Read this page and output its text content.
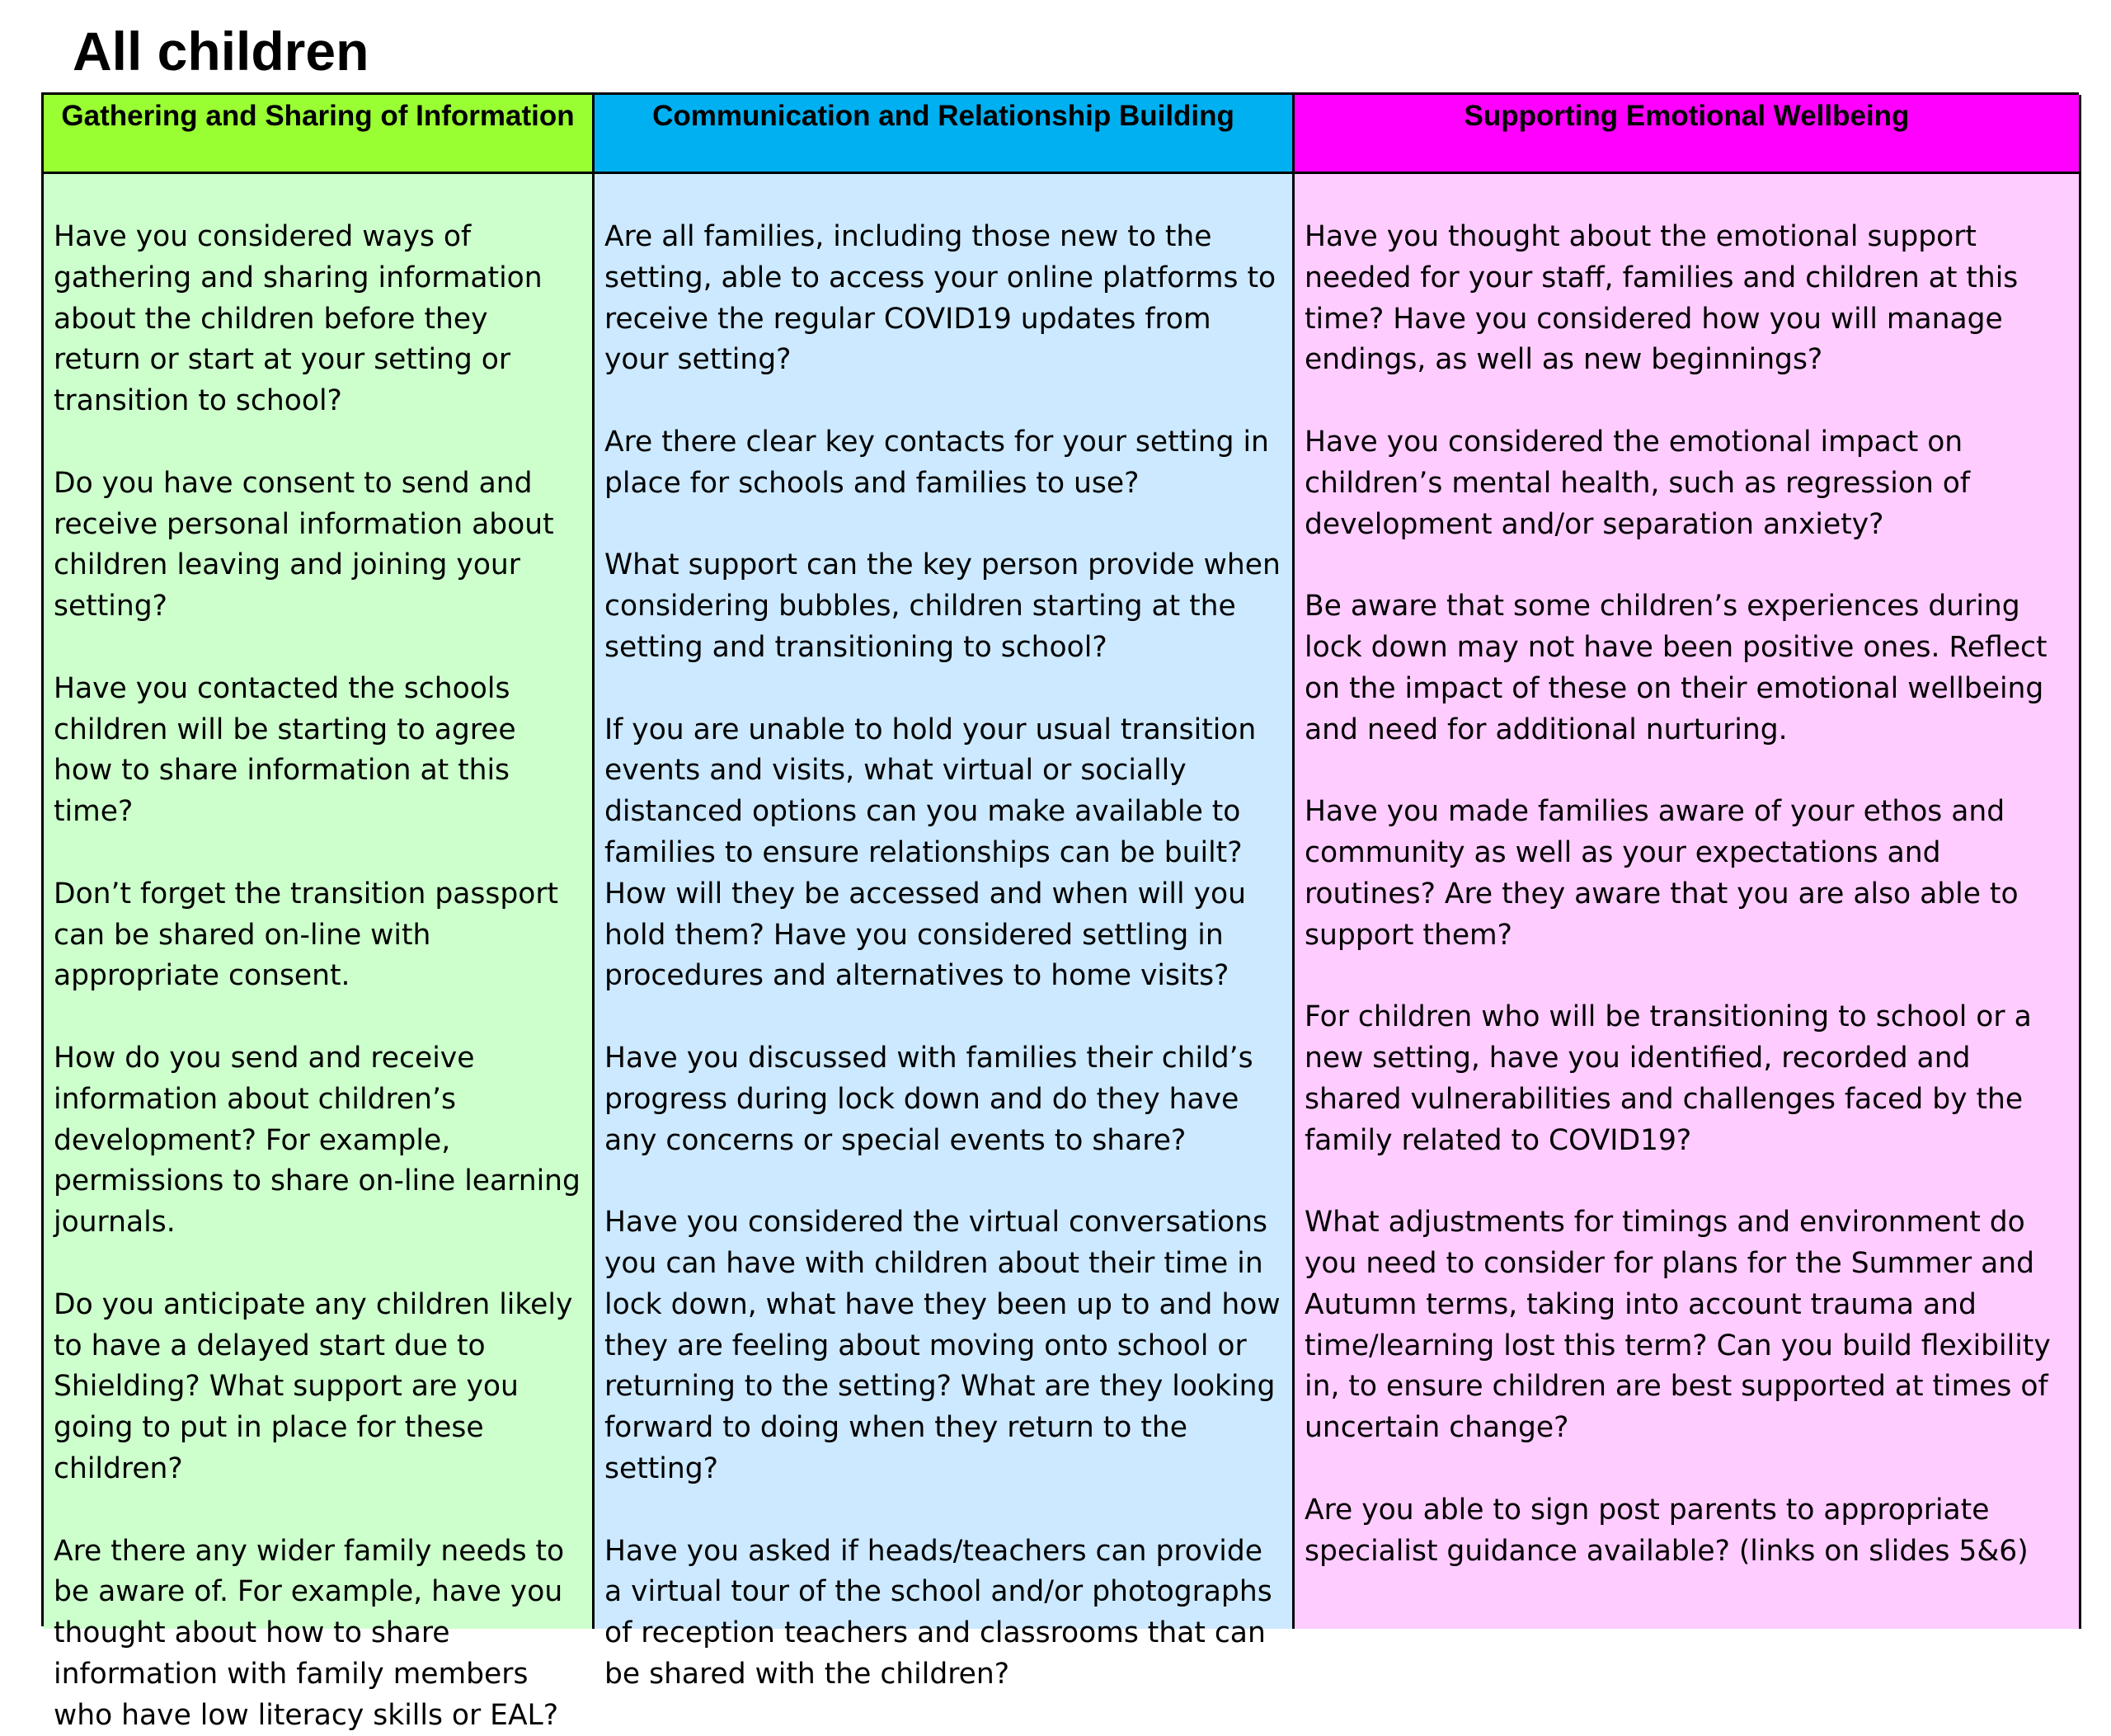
All children
Gathering and Sharing of Information	Communication and Relationship Building	Supporting Emotional Wellbeing

Have you considered ways of gathering and sharing information about the children before they return or start at your setting or transition to school?

Do you have consent to send and receive personal information about children leaving and joining your setting?

Have you contacted the schools children will be starting to agree how to share information at this time?

Don’t forget the transition passport can be shared on-line with appropriate consent.

How do you send and receive information about children’s development? For example, permissions to share on-line learning journals.

Do you anticipate any children likely to have a delayed start due to Shielding? What support are you going to put in place for these children?

Are there any wider family needs to be aware of. For example, have you thought about how to share information with family members who have low literacy skills or EAL?

Are all families, including those new to the setting, able to access your online platforms to receive the regular COVID19 updates from your setting?

Are there clear key contacts for your setting in place for schools and families to use?

What support can the key person provide when considering bubbles, children starting at the setting and transitioning to school?

If you are unable to hold your usual transition events and visits, what virtual or socially distanced options can you make available to families to ensure relationships can be built? How will they be accessed and when will you hold them? Have you considered settling in procedures and alternatives to home visits?

Have you discussed with families their child’s progress during lock down and do they have any concerns or special events to share?

Have you considered the virtual conversations you can have with children about their time in lock down, what have they been up to and how they are feeling about moving onto school or returning to the setting? What are they looking forward to doing when they return to the setting?

Have you asked if heads/teachers can provide a virtual tour of the school and/or photographs of reception teachers and classrooms that can be shared with the children?

Have you thought about the emotional support needed for your staff, families and children at this time? Have you considered how you will manage endings, as well as new beginnings?

Have you considered the emotional impact on children’s mental health, such as regression of development and/or separation anxiety?

Be aware that some children’s experiences during lock down may not have been positive ones. Reflect on the impact of these on their emotional wellbeing and need for additional nurturing.

Have you made families aware of your ethos and community as well as your expectations and routines? Are they aware that you are also able to support them?

For children who will be transitioning to school or a new setting, have you identified, recorded and shared vulnerabilities and challenges faced by the family related to COVID19?

What adjustments for timings and environment do you need to consider for plans for the Summer and Autumn terms, taking into account trauma and time/learning lost this term? Can you build flexibility in, to ensure children are best supported at times of uncertain change?

Are you able to sign post parents to appropriate specialist guidance available? (links on slides 5&6)
